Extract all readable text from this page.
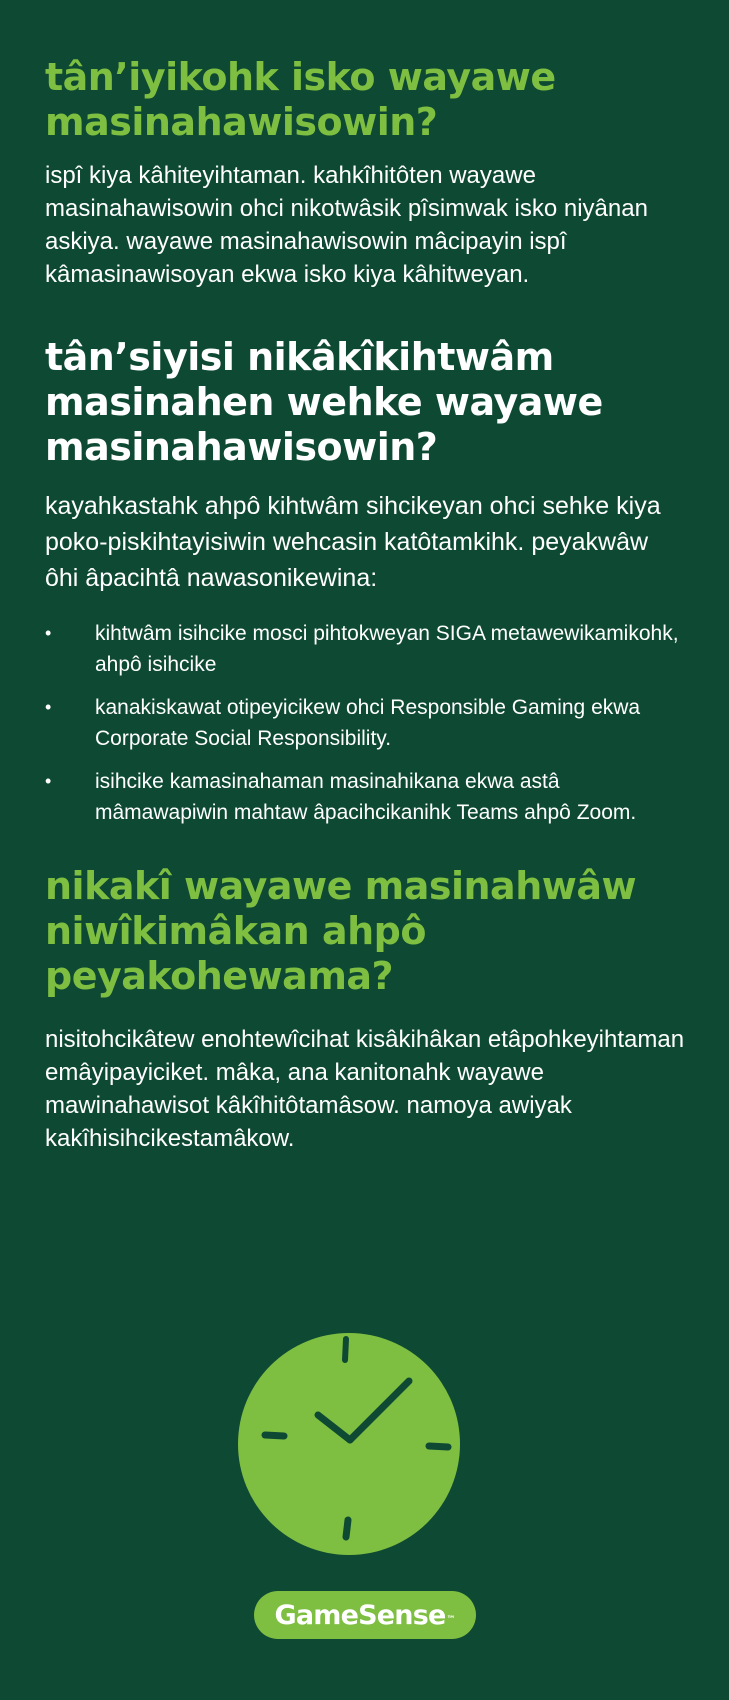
tân’iyikohk isko wayawe masinahawisowin?

ispî kiya kâhiteyihtaman. kahkîhitôten wayawe masinahawisowin ohci nikotwâsik pîsimwak isko niyânan askiya. wayawe masinahawisowin mâcipayin ispî kâmasinawisoyan ekwa isko kiya kâhitweyan.

tân’siyisi nikâkîkihtwâm masinahen wehke wayawe masinahawisowin?

kayahkastahk ahpô kihtwâm sihcikeyan ohci sehke kiya poko-piskihtayisiwin wehcasin katôtamkihk. peyakwâw ôhi âpacihtâ nawasonikewina:

• kihtwâm isihcike mosci pihtokweyan SIGA metawewikamikohk, ahpô isihcike
• kanakiskawat otipeyicikew ohci Responsible Gaming ekwa Corporate Social Responsibility.
• isihcike kamasinahaman masinahikana ekwa astâ mâmawapiwin mahtaw âpacihcikanihk Teams ahpô Zoom.
nikakî wayawe masinahwâw niwîkimâkan ahpô peyakohewama?

nisitohcikâtew enohtewîcihat kisâkihâkan etâpohkeyihtaman emâyipayiciket. mâka, ana kanitonahk wayawe mawinahawisot kâkîhitôtamâsow. namoya awiyak kakîhisihcikestamâkow.

GameSense ™
